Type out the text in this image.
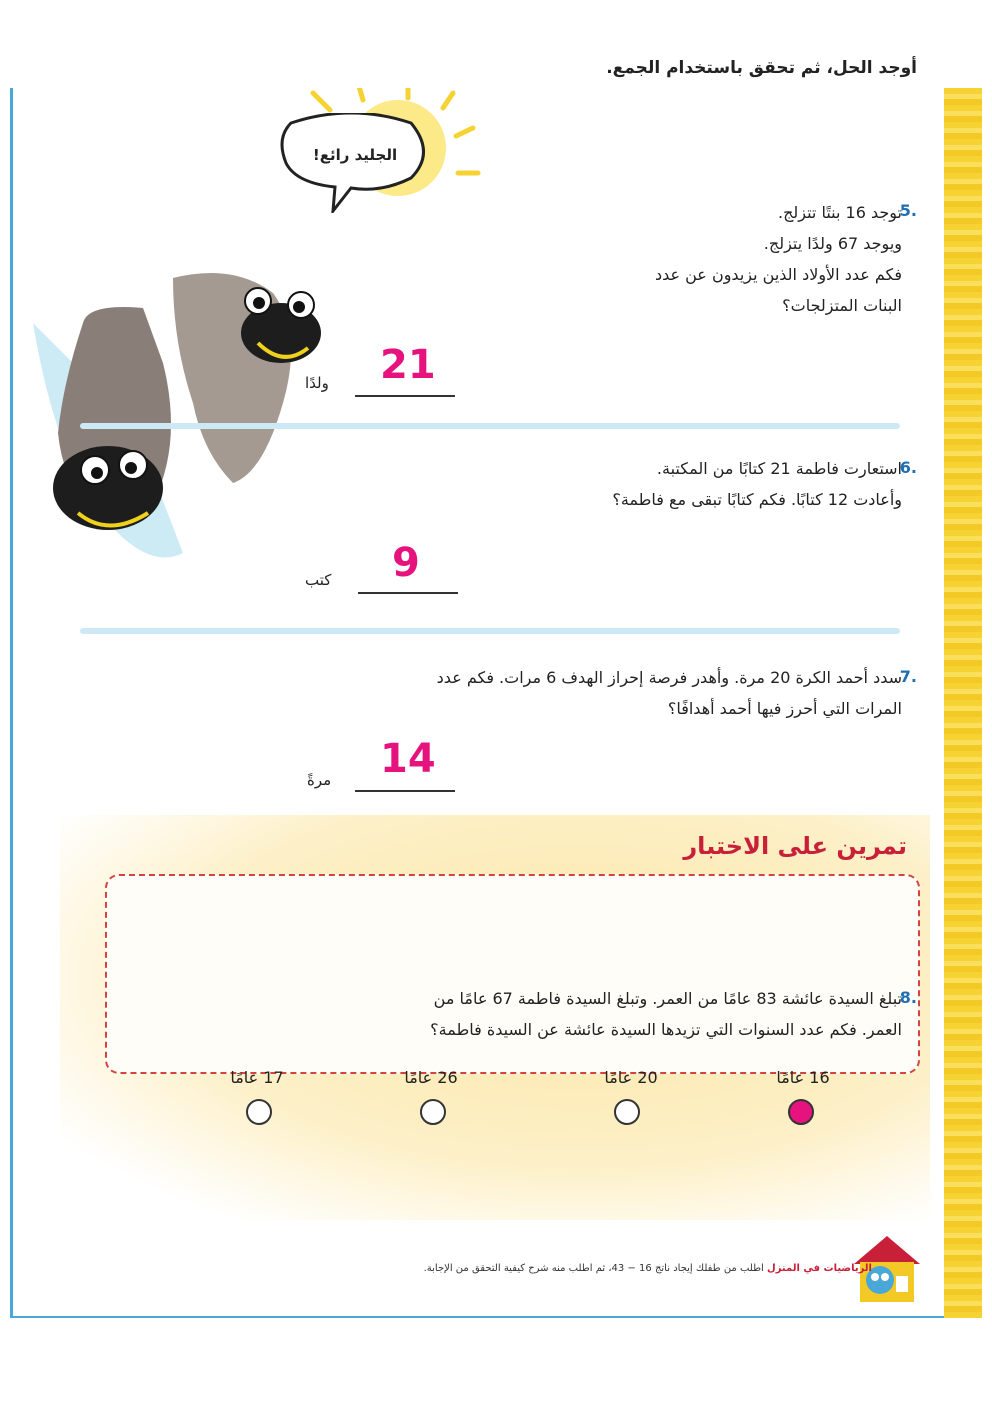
الجليد رائع!
أوجد الحل، ثم تحقق باستخدام الجمع.
5.
توجد 16 بنتًا تتزلج.
ويوجد 67 ولدًا يتزلج.
فكم عدد الأولاد الذين يزيدون عن عدد
البنات المتزلجات؟
21
ولدًا
6.
استعارت فاطمة 21 كتابًا من المكتبة.
وأعادت 12 كتابًا. فكم كتابًا تبقى مع فاطمة؟
9
كتب
7.
سدد أحمد الكرة 20 مرة. وأهدر فرصة إحراز الهدف 6 مرات. فكم عدد
المرات التي أحرز فيها أحمد أهدافًا؟
14
مرةً
تمرين على الاختبار
8.
تبلغ السيدة عائشة 83 عامًا من العمر. وتبلغ السيدة فاطمة 67 عامًا من
العمر. فكم عدد السنوات التي تزيدها السيدة عائشة عن السيدة فاطمة؟
16 عامًا
20 عامًا
26 عامًا
17 عامًا
الرياضيات في المنزل اطلب من طفلك إيجاد ناتج 16 − 43، ثم اطلب منه شرح كيفية التحقق من الإجابة.
